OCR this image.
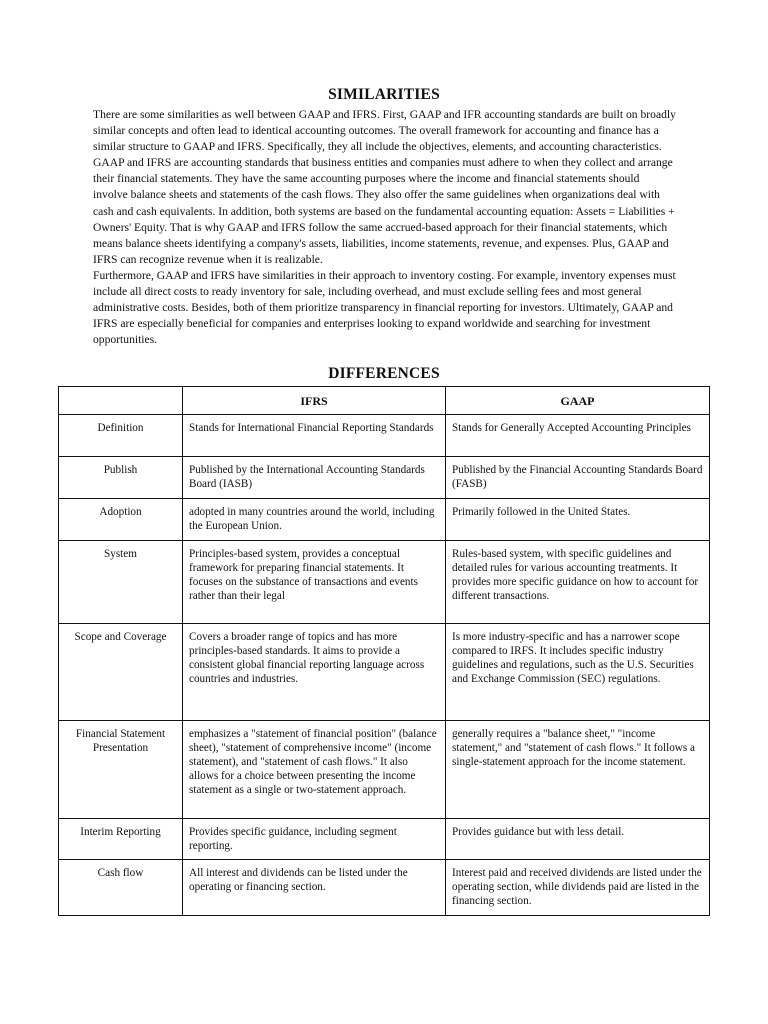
SIMILARITIES

There are some similarities as well between GAAP and IFRS. First, GAAP and IFR accounting standards are built on broadly similar concepts and often lead to identical accounting outcomes. The overall framework for accounting and finance has a similar structure to GAAP and IFRS. Specifically, they all include the objectives, elements, and accounting characteristics. GAAP and IFRS are accounting standards that business entities and companies must adhere to when they collect and arrange their financial statements. They have the same accounting purposes where the income and financial statements should involve balance sheets and statements of the cash flows. They also offer the same guidelines when organizations deal with cash and cash equivalents. In addition, both systems are based on the fundamental accounting equation: Assets = Liabilities + Owners' Equity. That is why GAAP and IFRS follow the same accrued-based approach for their financial statements, which means balance sheets identifying a company's assets, liabilities, income statements, revenue, and expenses. Plus, GAAP and IFRS can recognize revenue when it is realizable.

Furthermore, GAAP and IFRS have similarities in their approach to inventory costing. For example, inventory expenses must include all direct costs to ready inventory for sale, including overhead, and must exclude selling fees and most general administrative costs. Besides, both of them prioritize transparency in financial reporting for investors. Ultimately, GAAP and IFRS are especially beneficial for companies and enterprises looking to expand worldwide and searching for investment opportunities.

DIFFERENCES
	IFRS	GAAP
Definition	Stands for International Financial Reporting Standards	Stands for Generally Accepted Accounting Principles
Publish	Published by the International Accounting Standards Board (IASB)	Published by the Financial Accounting Standards Board (FASB)
Adoption	adopted in many countries around the world, including the European Union.	Primarily followed in the United States.
System	Principles-based system, provides a conceptual framework for preparing financial statements. It focuses on the substance of transactions and events rather than their legal	Rules-based system, with specific guidelines and detailed rules for various accounting treatments. It provides more specific guidance on how to account for different transactions.
Scope and Coverage	Covers a broader range of topics and has more principles-based standards. It aims to provide a consistent global financial reporting language across countries and industries.	Is more industry-specific and has a narrower scope compared to IRFS. It includes specific industry guidelines and regulations, such as the U.S. Securities and Exchange Commission (SEC) regulations.
Financial Statement Presentation	emphasizes a "statement of financial position" (balance sheet), "statement of comprehensive income" (income statement), and "statement of cash flows." It also allows for a choice between presenting the income statement as a single or two-statement approach.	generally requires a "balance sheet," "income statement," and "statement of cash flows." It follows a single-statement approach for the income statement.
Interim Reporting	Provides specific guidance, including segment reporting.	Provides guidance but with less detail.
Cash flow	All interest and dividends can be listed under the operating or financing section.	Interest paid and received dividends are listed under the operating section, while dividends paid are listed in the financing section.
